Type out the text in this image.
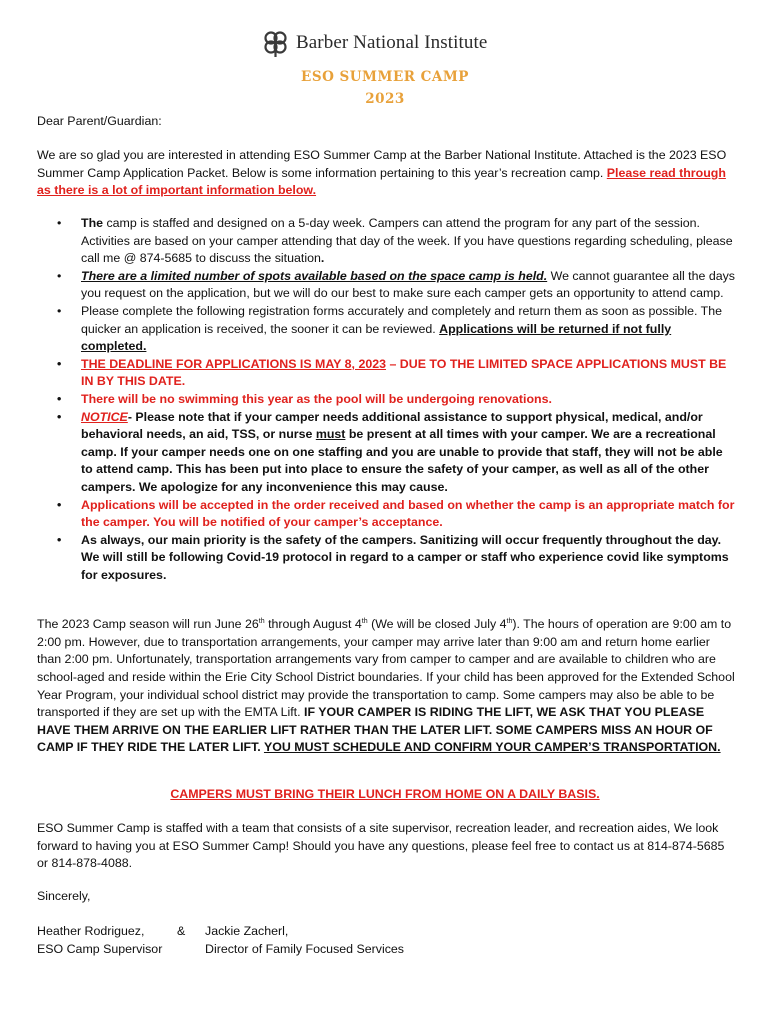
Barber National Institute
ESO SUMMER CAMP
2023

Dear Parent/Guardian:

We are so glad you are interested in attending ESO Summer Camp at the Barber National Institute. Attached is the 2023 ESO Summer Camp Application Packet. Below is some information pertaining to this year’s recreation camp. Please read through as there is a lot of important information below.

• The camp is staffed and designed on a 5-day week. Campers can attend the program for any part of the session. Activities are based on your camper attending that day of the week. If you have questions regarding scheduling, please call me @ 874-5685 to discuss the situation.
• There are a limited number of spots available based on the space camp is held. We cannot guarantee all the days you request on the application, but we will do our best to make sure each camper gets an opportunity to attend camp.
• Please complete the following registration forms accurately and completely and return them as soon as possible. The quicker an application is received, the sooner it can be reviewed. Applications will be returned if not fully completed.
• THE DEADLINE FOR APPLICATIONS IS MAY 8, 2023 – DUE TO THE LIMITED SPACE APPLICATIONS MUST BE IN BY THIS DATE.
• There will be no swimming this year as the pool will be undergoing renovations.
• NOTICE- Please note that if your camper needs additional assistance to support physical, medical, and/or behavioral needs, an aid, TSS, or nurse must be present at all times with your camper. We are a recreational camp. If your camper needs one on one staffing and you are unable to provide that staff, they will not be able to attend camp. This has been put into place to ensure the safety of your camper, as well as all of the other campers. We apologize for any inconvenience this may cause.
• Applications will be accepted in the order received and based on whether the camp is an appropriate match for the camper. You will be notified of your camper’s acceptance.
• As always, our main priority is the safety of the campers. Sanitizing will occur frequently throughout the day. We will still be following Covid-19 protocol in regard to a camper or staff who experience covid like symptoms for exposures.

The 2023 Camp season will run June 26th through August 4th (We will be closed July 4th). The hours of operation are 9:00 am to 2:00 pm. However, due to transportation arrangements, your camper may arrive later than 9:00 am and return home earlier than 2:00 pm. Unfortunately, transportation arrangements vary from camper to camper and are available to children who are school-aged and reside within the Erie City School District boundaries. If your child has been approved for the Extended School Year Program, your individual school district may provide the transportation to camp. Some campers may also be able to be transported if they are set up with the EMTA Lift. IF YOUR CAMPER IS RIDING THE LIFT, WE ASK THAT YOU PLEASE HAVE THEM ARRIVE ON THE EARLIER LIFT RATHER THAN THE LATER LIFT. SOME CAMPERS MISS AN HOUR OF CAMP IF THEY RIDE THE LATER LIFT. YOU MUST SCHEDULE AND CONFIRM YOUR CAMPER’S TRANSPORTATION.

CAMPERS MUST BRING THEIR LUNCH FROM HOME ON A DAILY BASIS.

ESO Summer Camp is staffed with a team that consists of a site supervisor, recreation leader, and recreation aides, We look forward to having you at ESO Summer Camp! Should you have any questions, please feel free to contact us at 814-874-5685 or 814-878-4088.

Sincerely,

Heather Rodriguez,	&	Jackie Zacherl,
ESO Camp Supervisor	Director of Family Focused Services
